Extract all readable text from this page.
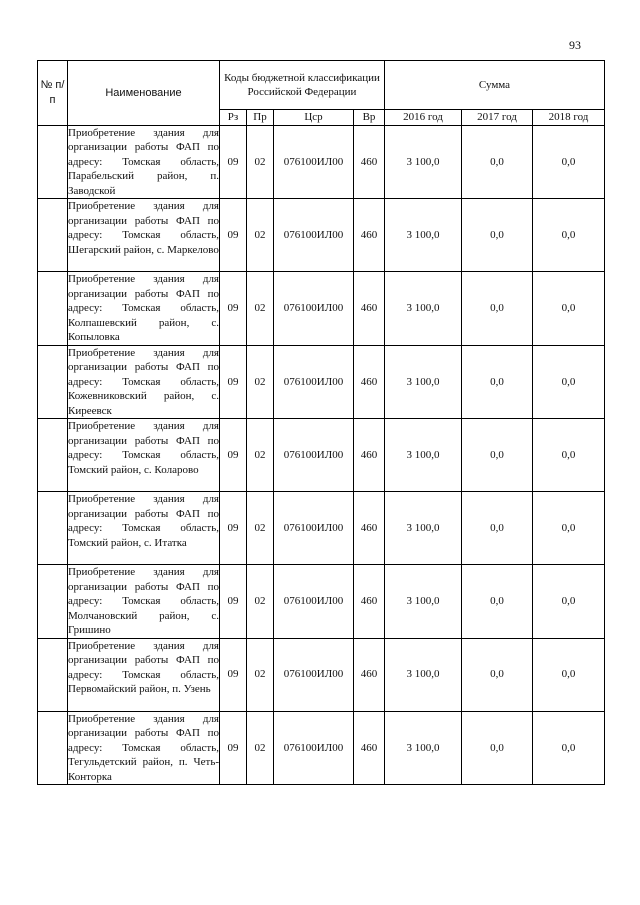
93
№ п/п	Наименование	Коды бюджетной классификации Российской Федерации				Сумма		
		Рз	Пр	Цср	Вр	2016 год	2017 год	2018 год
	Приобретение здания для организации работы ФАП по адресу: Томская область, Парабельский район, п. Заводской	09	02	076100ИЛ00	460	3 100,0	0,0	0,0
	Приобретение здания для организации работы ФАП по адресу: Томская область, Шегарский район, с. Маркелово	09	02	076100ИЛ00	460	3 100,0	0,0	0,0
	Приобретение здания для организации работы ФАП по адресу: Томская область, Колпашевский район, с. Копыловка	09	02	076100ИЛ00	460	3 100,0	0,0	0,0
	Приобретение здания для организации работы ФАП по адресу: Томская область, Кожевниковский район, с. Киреевск	09	02	076100ИЛ00	460	3 100,0	0,0	0,0
	Приобретение здания для организации работы ФАП по адресу: Томская область, Томский район, с. Коларово	09	02	076100ИЛ00	460	3 100,0	0,0	0,0
	Приобретение здания для организации работы ФАП по адресу: Томская область, Томский район, с. Итатка	09	02	076100ИЛ00	460	3 100,0	0,0	0,0
	Приобретение здания для организации работы ФАП по адресу: Томская область, Молчановский район, с. Гришино	09	02	076100ИЛ00	460	3 100,0	0,0	0,0
	Приобретение здания для организации работы ФАП по адресу: Томская область, Первомайский район, п. Узень	09	02	076100ИЛ00	460	3 100,0	0,0	0,0
	Приобретение здания для организации работы ФАП по адресу: Томская область, Тегульдетский район, п. Четь-Конторка	09	02	076100ИЛ00	460	3 100,0	0,0	0,0
